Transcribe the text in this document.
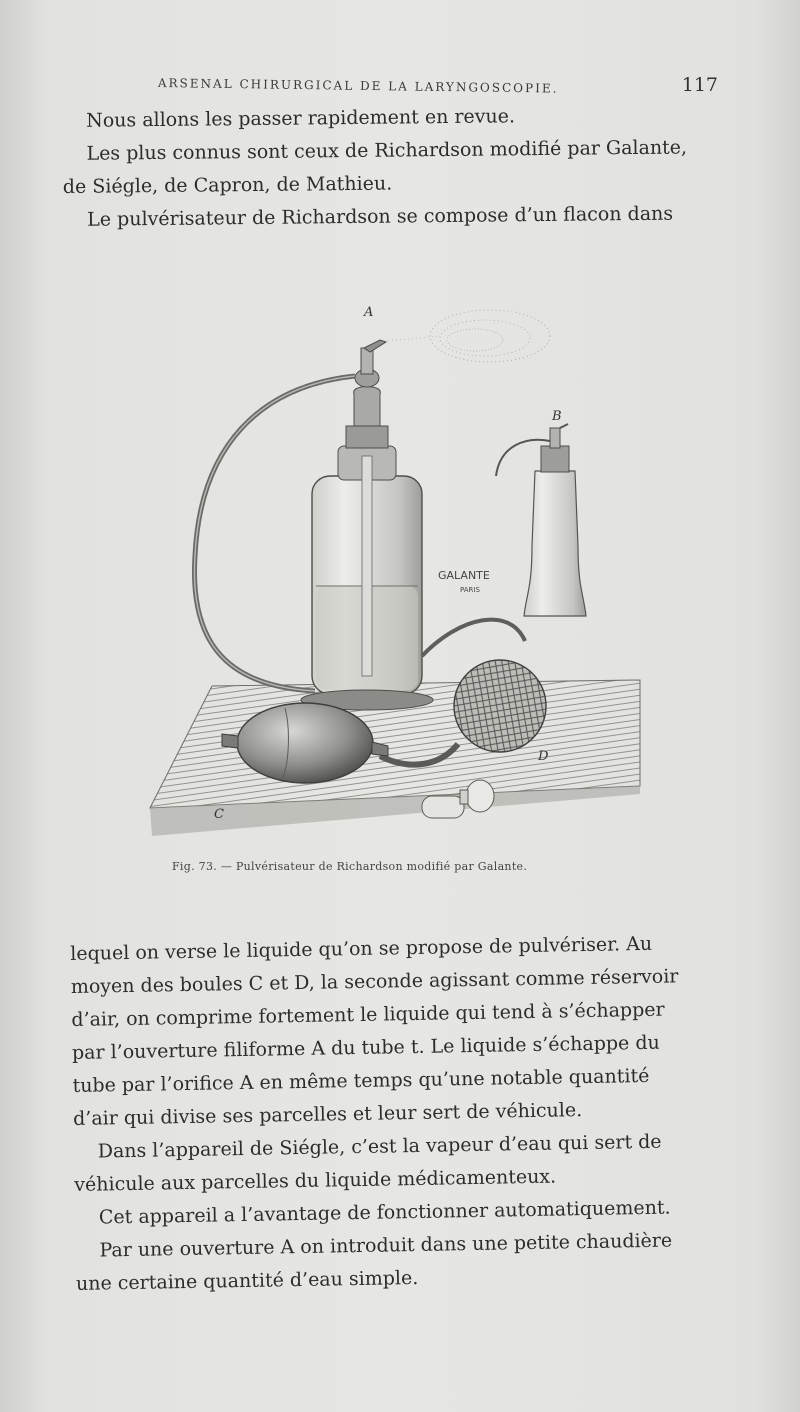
ARSENAL CHIRURGICAL DE LA LARYNGOSCOPIE.	117

Nous allons les passer rapidement en revue.
Les plus connus sont ceux de Richardson modifié par Galante,
de Siégle, de Capron, de Mathieu.
Le pulvérisateur de Richardson se compose d’un flacon dans

A
B
C
D
GALANTE
PARIS
Fig. 73. — Pulvérisateur de Richardson modifié par Galante.

lequel on verse le liquide qu’on se propose de pulvériser. Au
moyen des boules C et D, la seconde agissant comme réservoir
d’air, on comprime fortement le liquide qui tend à s’échapper
par l’ouverture filiforme A du tube t. Le liquide s’échappe du
tube par l’orifice A en même temps qu’une notable quantité
d’air qui divise ses parcelles et leur sert de véhicule.
Dans l’appareil de Siégle, c’est la vapeur d’eau qui sert de
véhicule aux parcelles du liquide médicamenteux.
Cet appareil a l’avantage de fonctionner automatiquement.
Par une ouverture A on introduit dans une petite chaudière
une certaine quantité d’eau simple.
